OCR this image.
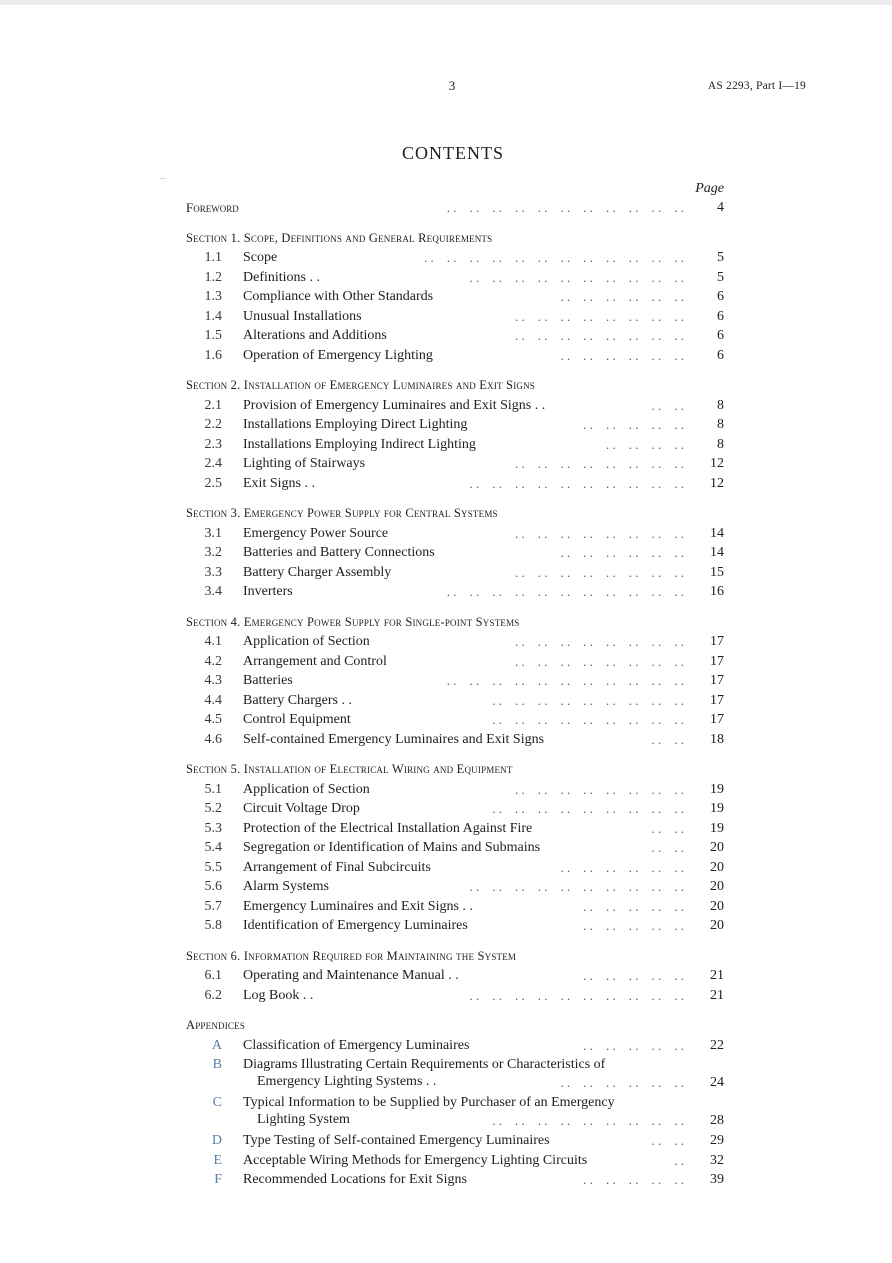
3	AS 2293, Part I—19
CONTENTS
Page
Foreword	. .    . .    . .    . .    . .    . .    . .    . .    . .    . .    . .	4
Section 1. Scope, Definitions and General Requirements
1.1 Scope	. .    . .    . .    . .    . .    . .    . .    . .    . .    . .    . .    . .	5
1.2 Definitions . .	. .    . .    . .    . .    . .    . .    . .    . .    . .    . .	5
1.3 Compliance with Other Standards	. .    . .    . .    . .    . .    . .	6
1.4 Unusual Installations	. .    . .    . .    . .    . .    . .    . .    . .	6
1.5 Alterations and Additions	. .    . .    . .    . .    . .    . .    . .    . .	6
1.6 Operation of Emergency Lighting	. .    . .    . .    . .    . .    . .	6
Section 2. Installation of Emergency Luminaires and Exit Signs
2.1 Provision of Emergency Luminaires and Exit Signs . .	. .    . .	8
2.2 Installations Employing Direct Lighting	. .    . .    . .    . .    . .	8
2.3 Installations Employing Indirect Lighting	. .    . .    . .    . .	8
2.4 Lighting of Stairways	. .    . .    . .    . .    . .    . .    . .    . .	12
2.5 Exit Signs . .	. .    . .    . .    . .    . .    . .    . .    . .    . .    . .	12
Section 3. Emergency Power Supply for Central Systems
3.1 Emergency Power Source	. .    . .    . .    . .    . .    . .    . .    . .	14
3.2 Batteries and Battery Connections	. .    . .    . .    . .    . .    . .	14
3.3 Battery Charger Assembly	. .    . .    . .    . .    . .    . .    . .    . .	15
3.4 Inverters	. .    . .    . .    . .    . .    . .    . .    . .    . .    . .    . .	16
Section 4. Emergency Power Supply for Single-point Systems
4.1 Application of Section	. .    . .    . .    . .    . .    . .    . .    . .	17
4.2 Arrangement and Control	. .    . .    . .    . .    . .    . .    . .    . .	17
4.3 Batteries	. .    . .    . .    . .    . .    . .    . .    . .    . .    . .    . .	17
4.4 Battery Chargers . .	. .    . .    . .    . .    . .    . .    . .    . .    . .	17
4.5 Control Equipment	. .    . .    . .    . .    . .    . .    . .    . .    . .	17
4.6 Self-contained Emergency Luminaires and Exit Signs	. .    . .	18
Section 5. Installation of Electrical Wiring and Equipment
5.1 Application of Section	. .    . .    . .    . .    . .    . .    . .    . .	19
5.2 Circuit Voltage Drop	. .    . .    . .    . .    . .    . .    . .    . .    . .	19
5.3 Protection of the Electrical Installation Against Fire	. .    . .	19
5.4 Segregation or Identification of Mains and Submains	. .    . .	20
5.5 Arrangement of Final Subcircuits	. .    . .    . .    . .    . .    . .	20
5.6 Alarm Systems	. .    . .    . .    . .    . .    . .    . .    . .    . .    . .	20
5.7 Emergency Luminaires and Exit Signs . .	. .    . .    . .    . .    . .	20
5.8 Identification of Emergency Luminaires	. .    . .    . .    . .    . .	20
Section 6. Information Required for Maintaining the System
6.1 Operating and Maintenance Manual . .	. .    . .    . .    . .    . .	21
6.2 Log Book . .	. .    . .    . .    . .    . .    . .    . .    . .    . .    . .	21
Appendices
A Classification of Emergency Luminaires	. .    . .    . .    . .    . .	22
B Diagrams Illustrating Certain Requirements or Characteristics of
Emergency Lighting Systems . .	. .    . .    . .    . .    . .    . .	24
C Typical Information to be Supplied by Purchaser of an Emergency
Lighting System	. .    . .    . .    . .    . .    . .    . .    . .    . .	28
D Type Testing of Self-contained Emergency Luminaires	. .    . .	29
E Acceptable Wiring Methods for Emergency Lighting Circuits	. .	32
F Recommended Locations for Exit Signs	. .    . .    . .    . .    . .	39
